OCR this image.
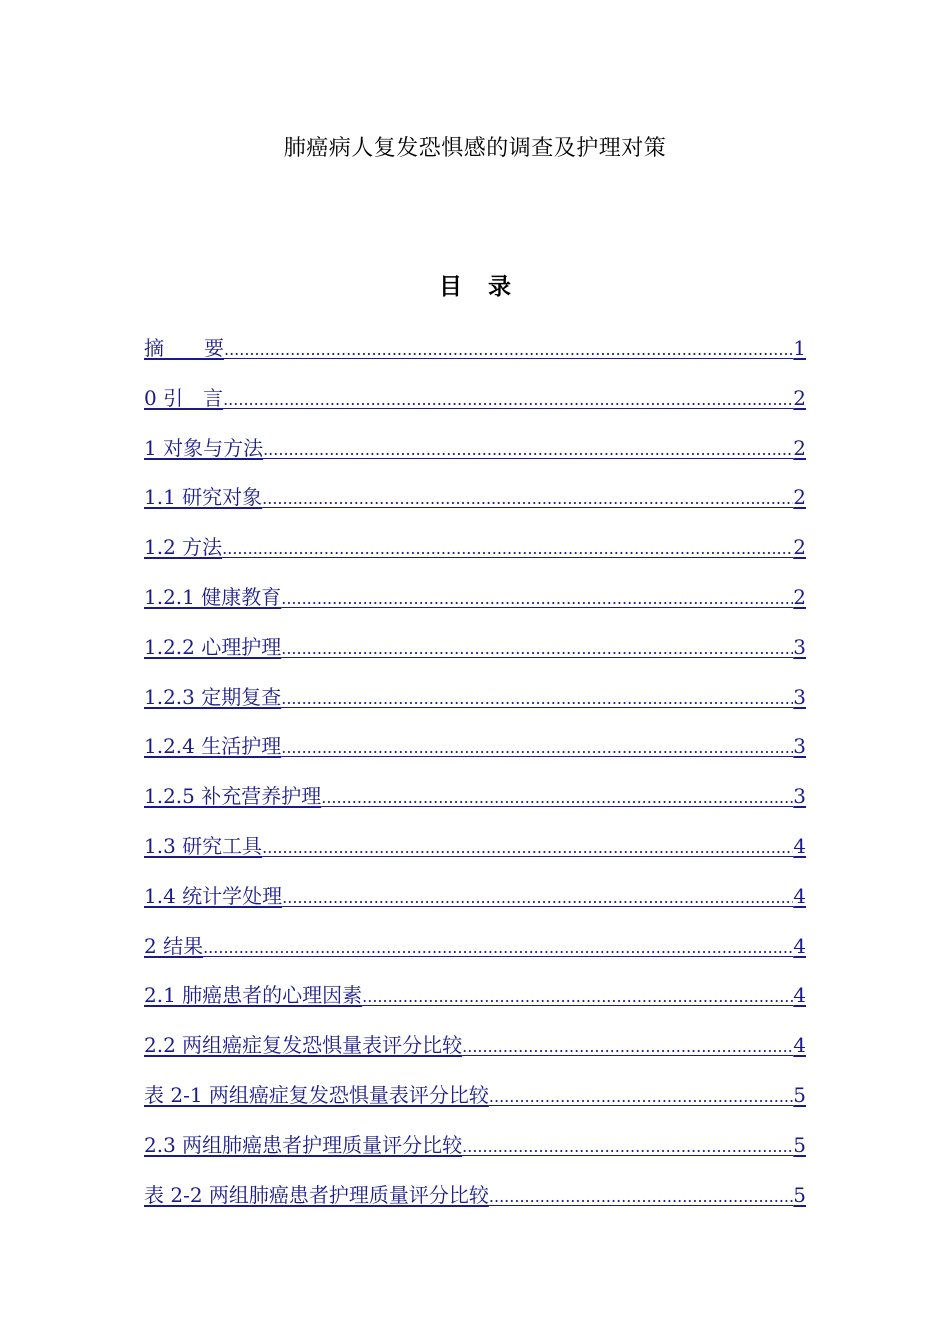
肺癌病人复发恐惧感的调查及护理对策
目 录
摘　　要 .....	1
0 引　言 .....	2
1 对象与方法 .....	2
1.1 研究对象 .....	2
1.2 方法 .....	2
1.2.1 健康教育 .....	2
1.2.2 心理护理 .....	3
1.2.3 定期复查 .....	3
1.2.4 生活护理 .....	3
1.2.5 补充营养护理 .....	3
1.3 研究工具 .....	4
1.4 统计学处理 .....	4
2 结果 .....	4
2.1 肺癌患者的心理因素 .....	4
2.2 两组癌症复发恐惧量表评分比较 .....	4
表 2-1 两组癌症复发恐惧量表评分比较 .....	5
2.3 两组肺癌患者护理质量评分比较 .....	5
表 2-2 两组肺癌患者护理质量评分比较 .....	5
